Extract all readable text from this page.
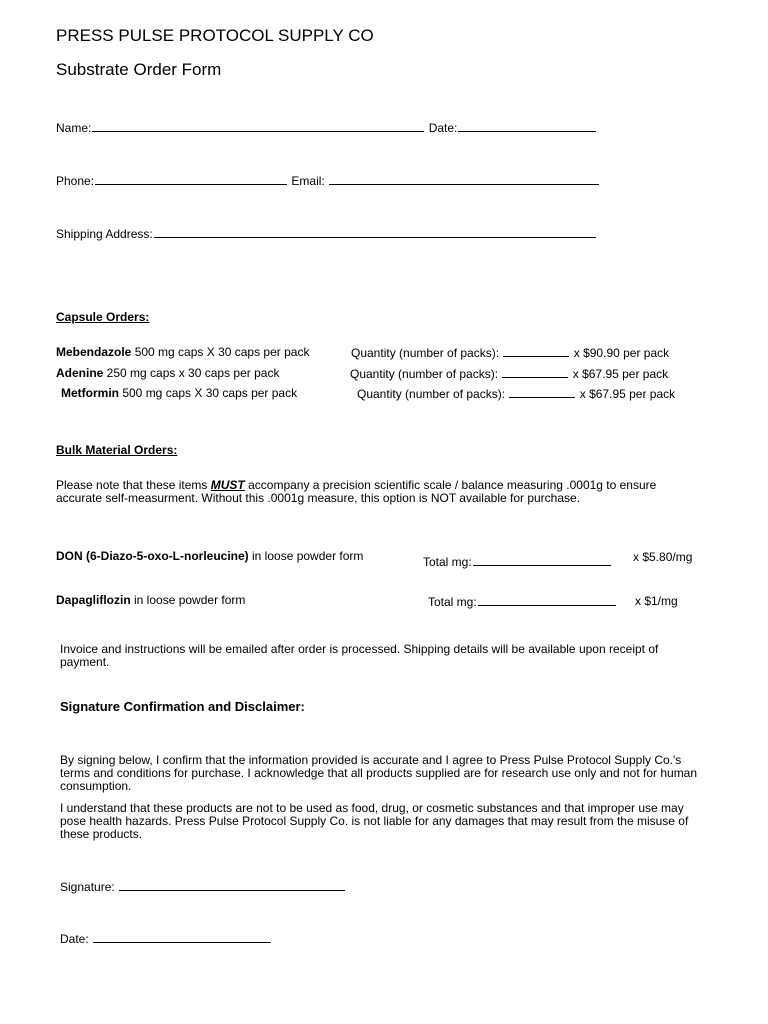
PRESS PULSE PROTOCOL SUPPLY CO
Substrate Order Form
Name:	Date:
Phone:	Email:
Shipping Address:
Capsule Orders:
Mebendazole 500 mg caps X 30 caps per pack	Quantity (number of packs):	x $90.90 per pack
Adenine 250 mg caps x 30 caps per pack	Quantity (number of packs):	x $67.95 per pack
Metformin 500 mg caps X 30 caps per pack	Quantity (number of packs):	x $67.95 per pack
Bulk Material Orders:
Please note that these items MUST accompany a precision scientific scale / balance measuring .0001g to ensure accurate self-measurment. Without this .0001g measure, this option is NOT available for purchase.
DON (6-Diazo-5-oxo-L-norleucine) in loose powder form	Total mg:	x $5.80/mg
Dapagliflozin in loose powder form	Total mg:	x $1/mg
Invoice and instructions will be emailed after order is processed. Shipping details will be available upon receipt of payment.
Signature Confirmation and Disclaimer:
By signing below, I confirm that the information provided is accurate and I agree to Press Pulse Protocol Supply Co.'s terms and conditions for purchase. I acknowledge that all products supplied are for research use only and not for human consumption.
I understand that these products are not to be used as food, drug, or cosmetic substances and that improper use may pose health hazards. Press Pulse Protocol Supply Co. is not liable for any damages that may result from the misuse of these products.
Signature:
Date:
